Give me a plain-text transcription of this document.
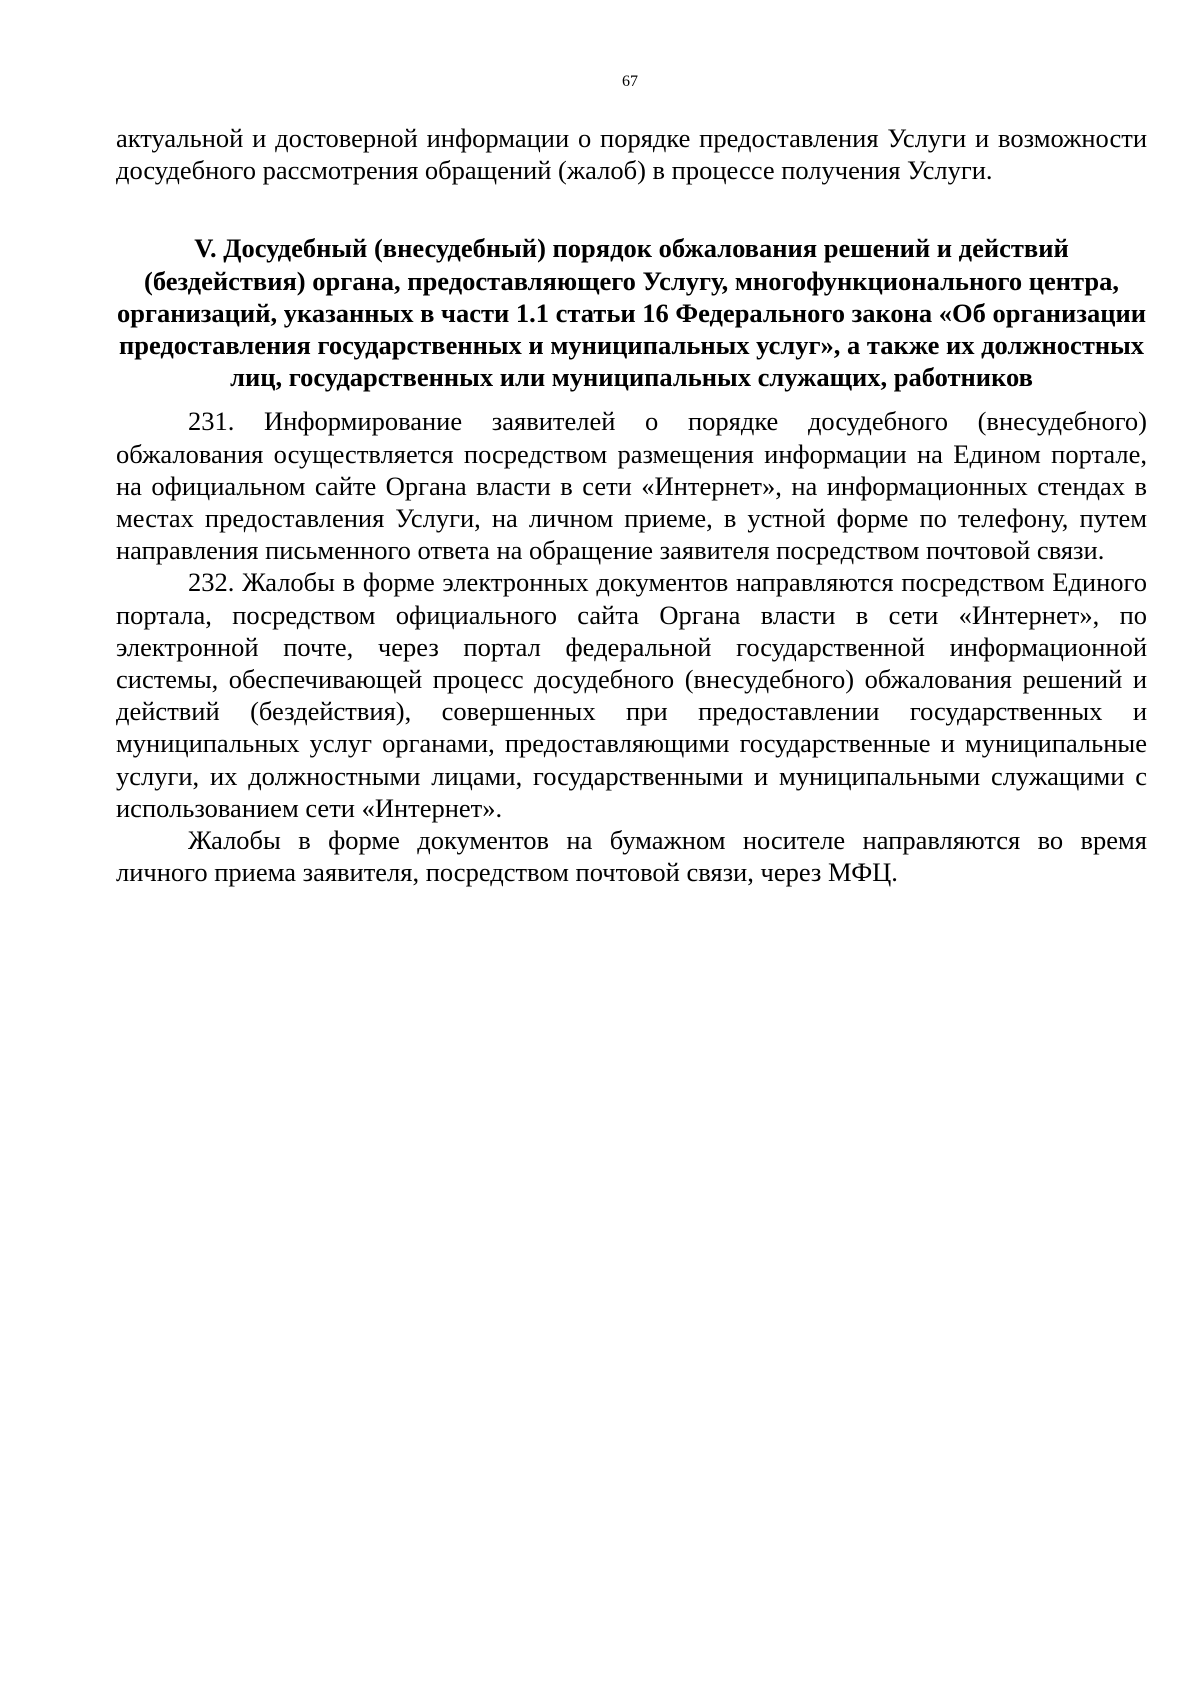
67

актуальной и достоверной информации о порядке предоставления Услуги и возможности досудебного рассмотрения обращений (жалоб) в процессе получения Услуги.

V. Досудебный (внесудебный) порядок обжалования решений и действий (бездействия) органа, предоставляющего Услугу, многофункционального центра, организаций, указанных в части 1.1 статьи 16 Федерального закона «Об организации предоставления государственных и муниципальных услуг», а также их должностных лиц, государственных или муниципальных служащих, работников

231. Информирование заявителей о порядке досудебного (внесудебного) обжалования осуществляется посредством размещения информации на Едином портале, на официальном сайте Органа власти в сети «Интернет», на информационных стендах в местах предоставления Услуги, на личном приеме, в устной форме по телефону, путем направления письменного ответа на обращение заявителя посредством почтовой связи.

232. Жалобы в форме электронных документов направляются посредством Единого портала, посредством официального сайта Органа власти в сети «Интернет», по электронной почте, через портал федеральной государственной информационной системы, обеспечивающей процесс досудебного (внесудебного) обжалования решений и действий (бездействия), совершенных при предоставлении государственных и муниципальных услуг органами, предоставляющими государственные и муниципальные услуги, их должностными лицами, государственными и муниципальными служащими с использованием сети «Интернет».

Жалобы в форме документов на бумажном носителе направляются во время личного приема заявителя, посредством почтовой связи, через МФЦ.
